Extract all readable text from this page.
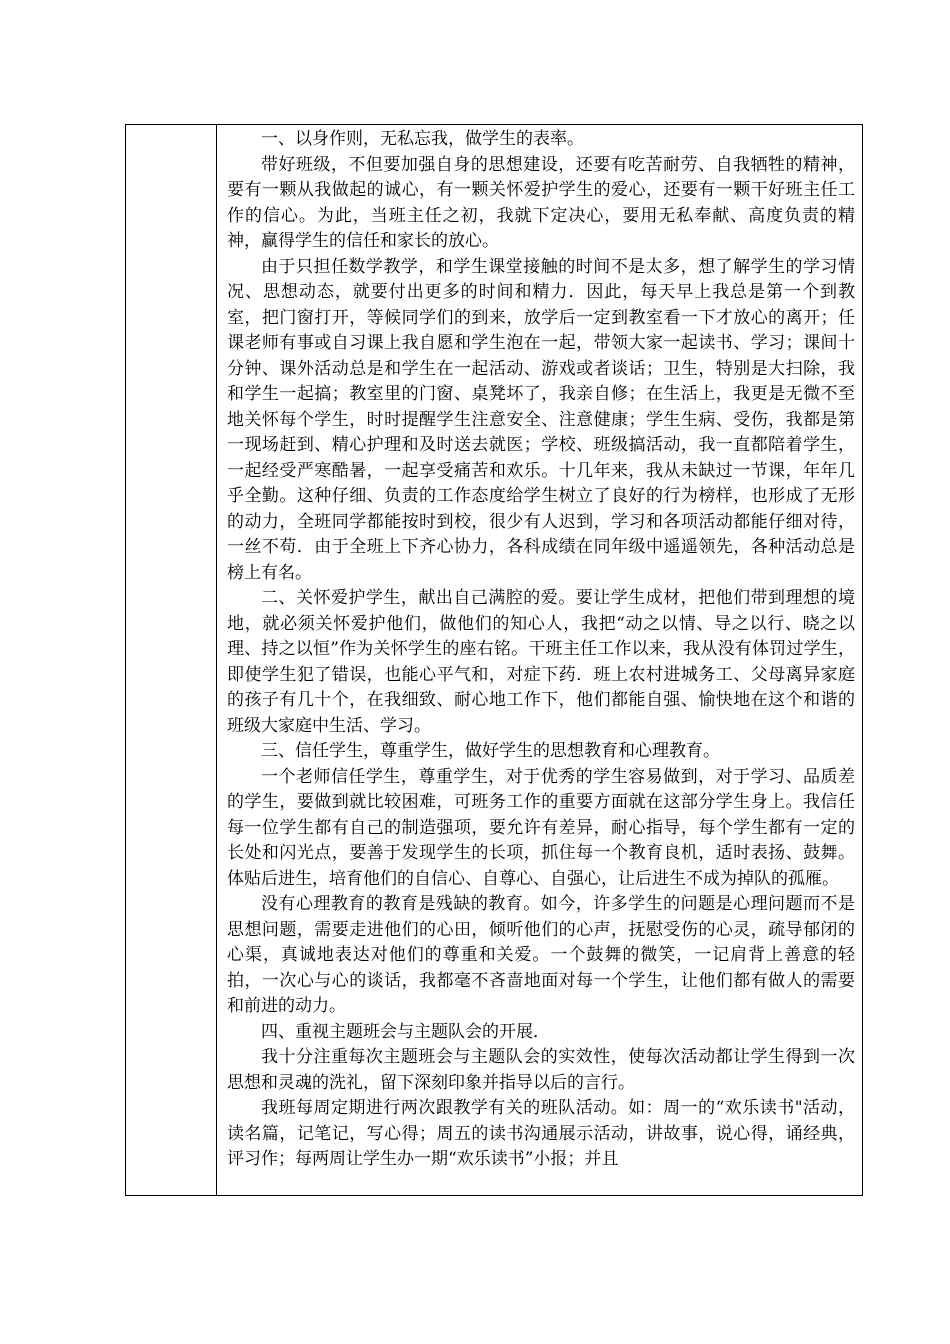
一、以身作则，无私忘我，做学生的表率。

带好班级，不但要加强自身的思想建设，还要有吃苦耐劳、自我牺牲的精神，要有一颗从我做起的诚心，有一颗关怀爱护学生的爱心，还要有一颗干好班主任工作的信心。为此，当班主任之初，我就下定决心，要用无私奉献、高度负责的精神，赢得学生的信任和家长的放心。

由于只担任数学教学，和学生课堂接触的时间不是太多，想了解学生的学习情况、思想动态，就要付出更多的时间和精力．因此，每天早上我总是第一个到教室，把门窗打开，等候同学们的到来，放学后一定到教室看一下才放心的离开；任课老师有事或自习课上我自愿和学生泡在一起，带领大家一起读书、学习；课间十分钟、课外活动总是和学生在一起活动、游戏或者谈话；卫生，特别是大扫除，我和学生一起搞；教室里的门窗、桌凳坏了，我亲自修；在生活上，我更是无微不至地关怀每个学生，时时提醒学生注意安全、注意健康；学生生病、受伤，我都是第一现场赶到、精心护理和及时送去就医；学校、班级搞活动，我一直都陪着学生，一起经受严寒酷暑，一起享受痛苦和欢乐。十几年来，我从未缺过一节课，年年几乎全勤。这种仔细、负责的工作态度给学生树立了良好的行为榜样，也形成了无形的动力，全班同学都能按时到校，很少有人迟到，学习和各项活动都能仔细对待，一丝不苟．由于全班上下齐心协力，各科成绩在同年级中遥遥领先，各种活动总是榜上有名。

二、关怀爱护学生，献出自己满腔的爱。要让学生成材，把他们带到理想的境地，就必须关怀爱护他们，做他们的知心人，我把“动之以情、导之以行、晓之以理、持之以恒”作为关怀学生的座右铭。干班主任工作以来，我从没有体罚过学生，即使学生犯了错误，也能心平气和，对症下药．班上农村进城务工、父母离异家庭的孩子有几十个，在我细致、耐心地工作下，他们都能自强、愉快地在这个和谐的班级大家庭中生活、学习。

三、信任学生，尊重学生，做好学生的思想教育和心理教育。

一个老师信任学生，尊重学生，对于优秀的学生容易做到，对于学习、品质差的学生，要做到就比较困难，可班务工作的重要方面就在这部分学生身上。我信任每一位学生都有自己的制造强项，要允许有差异，耐心指导，每个学生都有一定的长处和闪光点，要善于发现学生的长项，抓住每一个教育良机，适时表扬、鼓舞。体贴后进生，培育他们的自信心、自尊心、自强心，让后进生不成为掉队的孤雁。

没有心理教育的教育是残缺的教育。如今，许多学生的问题是心理问题而不是思想问题，需要走进他们的心田，倾听他们的心声，抚慰受伤的心灵，疏导郁闭的心渠，真诚地表达对他们的尊重和关爱。一个鼓舞的微笑，一记肩背上善意的轻拍，一次心与心的谈话，我都毫不吝啬地面对每一个学生，让他们都有做人的需要和前进的动力。

四、重视主题班会与主题队会的开展．

我十分注重每次主题班会与主题队会的实效性，使每次活动都让学生得到一次思想和灵魂的洗礼，留下深刻印象并指导以后的言行。

我班每周定期进行两次跟教学有关的班队活动。如：周一的“欢乐读书"活动，读名篇，记笔记，写心得；周五的读书沟通展示活动，讲故事，说心得，诵经典，评习作；每两周让学生办一期“欢乐读书”小报；并且
